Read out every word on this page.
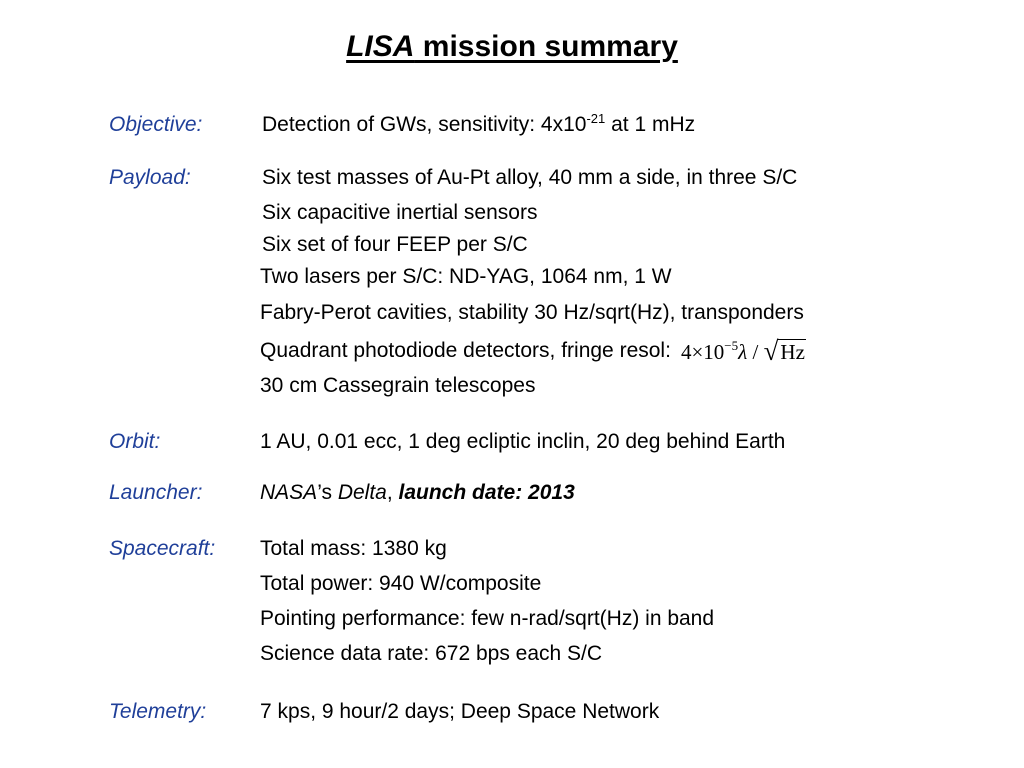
LISA mission summary
Objective:	Detection of GWs, sensitivity: $4x10^{-21}$ at 1 mHz
Payload:	Six test masses of Au-Pt alloy, 40 mm a side, in three S/C
Six capacitive inertial sensors
Six set of four FEEP per S/C
Two lasers per S/C: ND-YAG, 1064 nm, 1 W
Fabry-Perot cavities, stability 30 Hz/sqrt(Hz), transponders
Quadrant photodiode detectors, fringe resol: $4\times 10^{-5}\lambda$ / √ Hz
30 cm Cassegrain telescopes
Orbit:	1 AU, 0.01 ecc, 1 deg ecliptic inclin, 20 deg behind Earth
Launcher:	NASA’s Delta, launch date: 2013
Spacecraft: Total mass: 1380 kg
Total power: 940 W/composite
Pointing performance: few n-rad/sqrt(Hz) in band
Science data rate: 672 bps each S/C
Telemetry:	7 kps, 9 hour/2 days; Deep Space Network
